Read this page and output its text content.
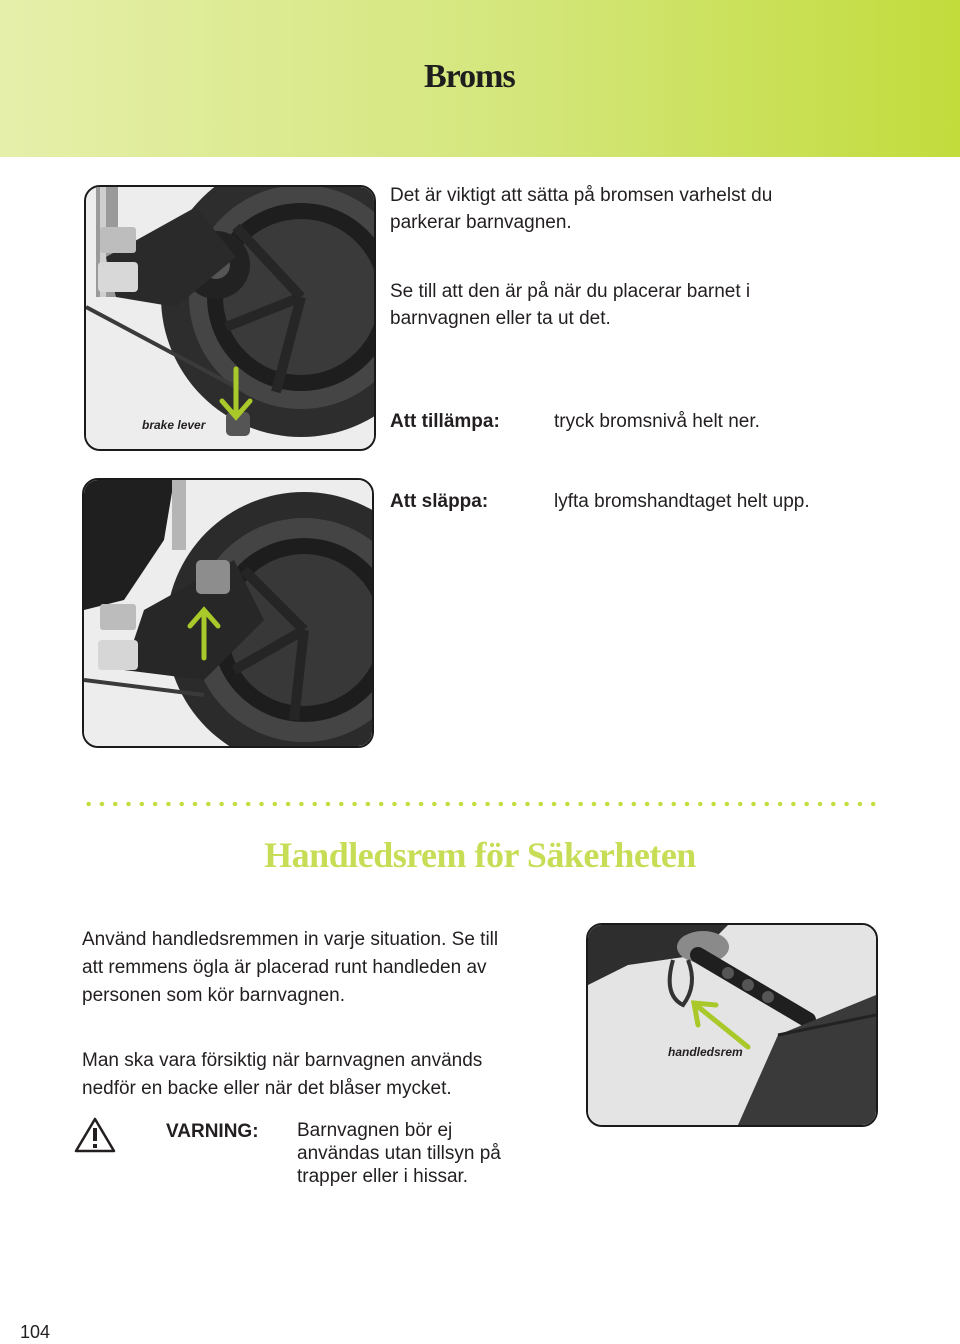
Broms
brake lever
Det är viktigt att sätta på bromsen varhelst du
parkerar barnvagnen.
Se till att den är på när du placerar barnet i
barnvagnen eller ta ut det.
Att tillämpa:	tryck bromsnivå helt ner.
Att släppa:	lyfta bromshandtaget helt upp.
Handledsrem för Säkerheten
Använd handledsremmen in varje situation. Se till
att remmens ögla är placerad runt handleden av
personen som kör barnvagnen.
Man ska vara försiktig när barnvagnen används
nedför en backe eller när det blåser mycket.
handledsrem
VARNING: Barnvagnen bör ej
användas utan tillsyn på
trapper eller i hissar.
104
